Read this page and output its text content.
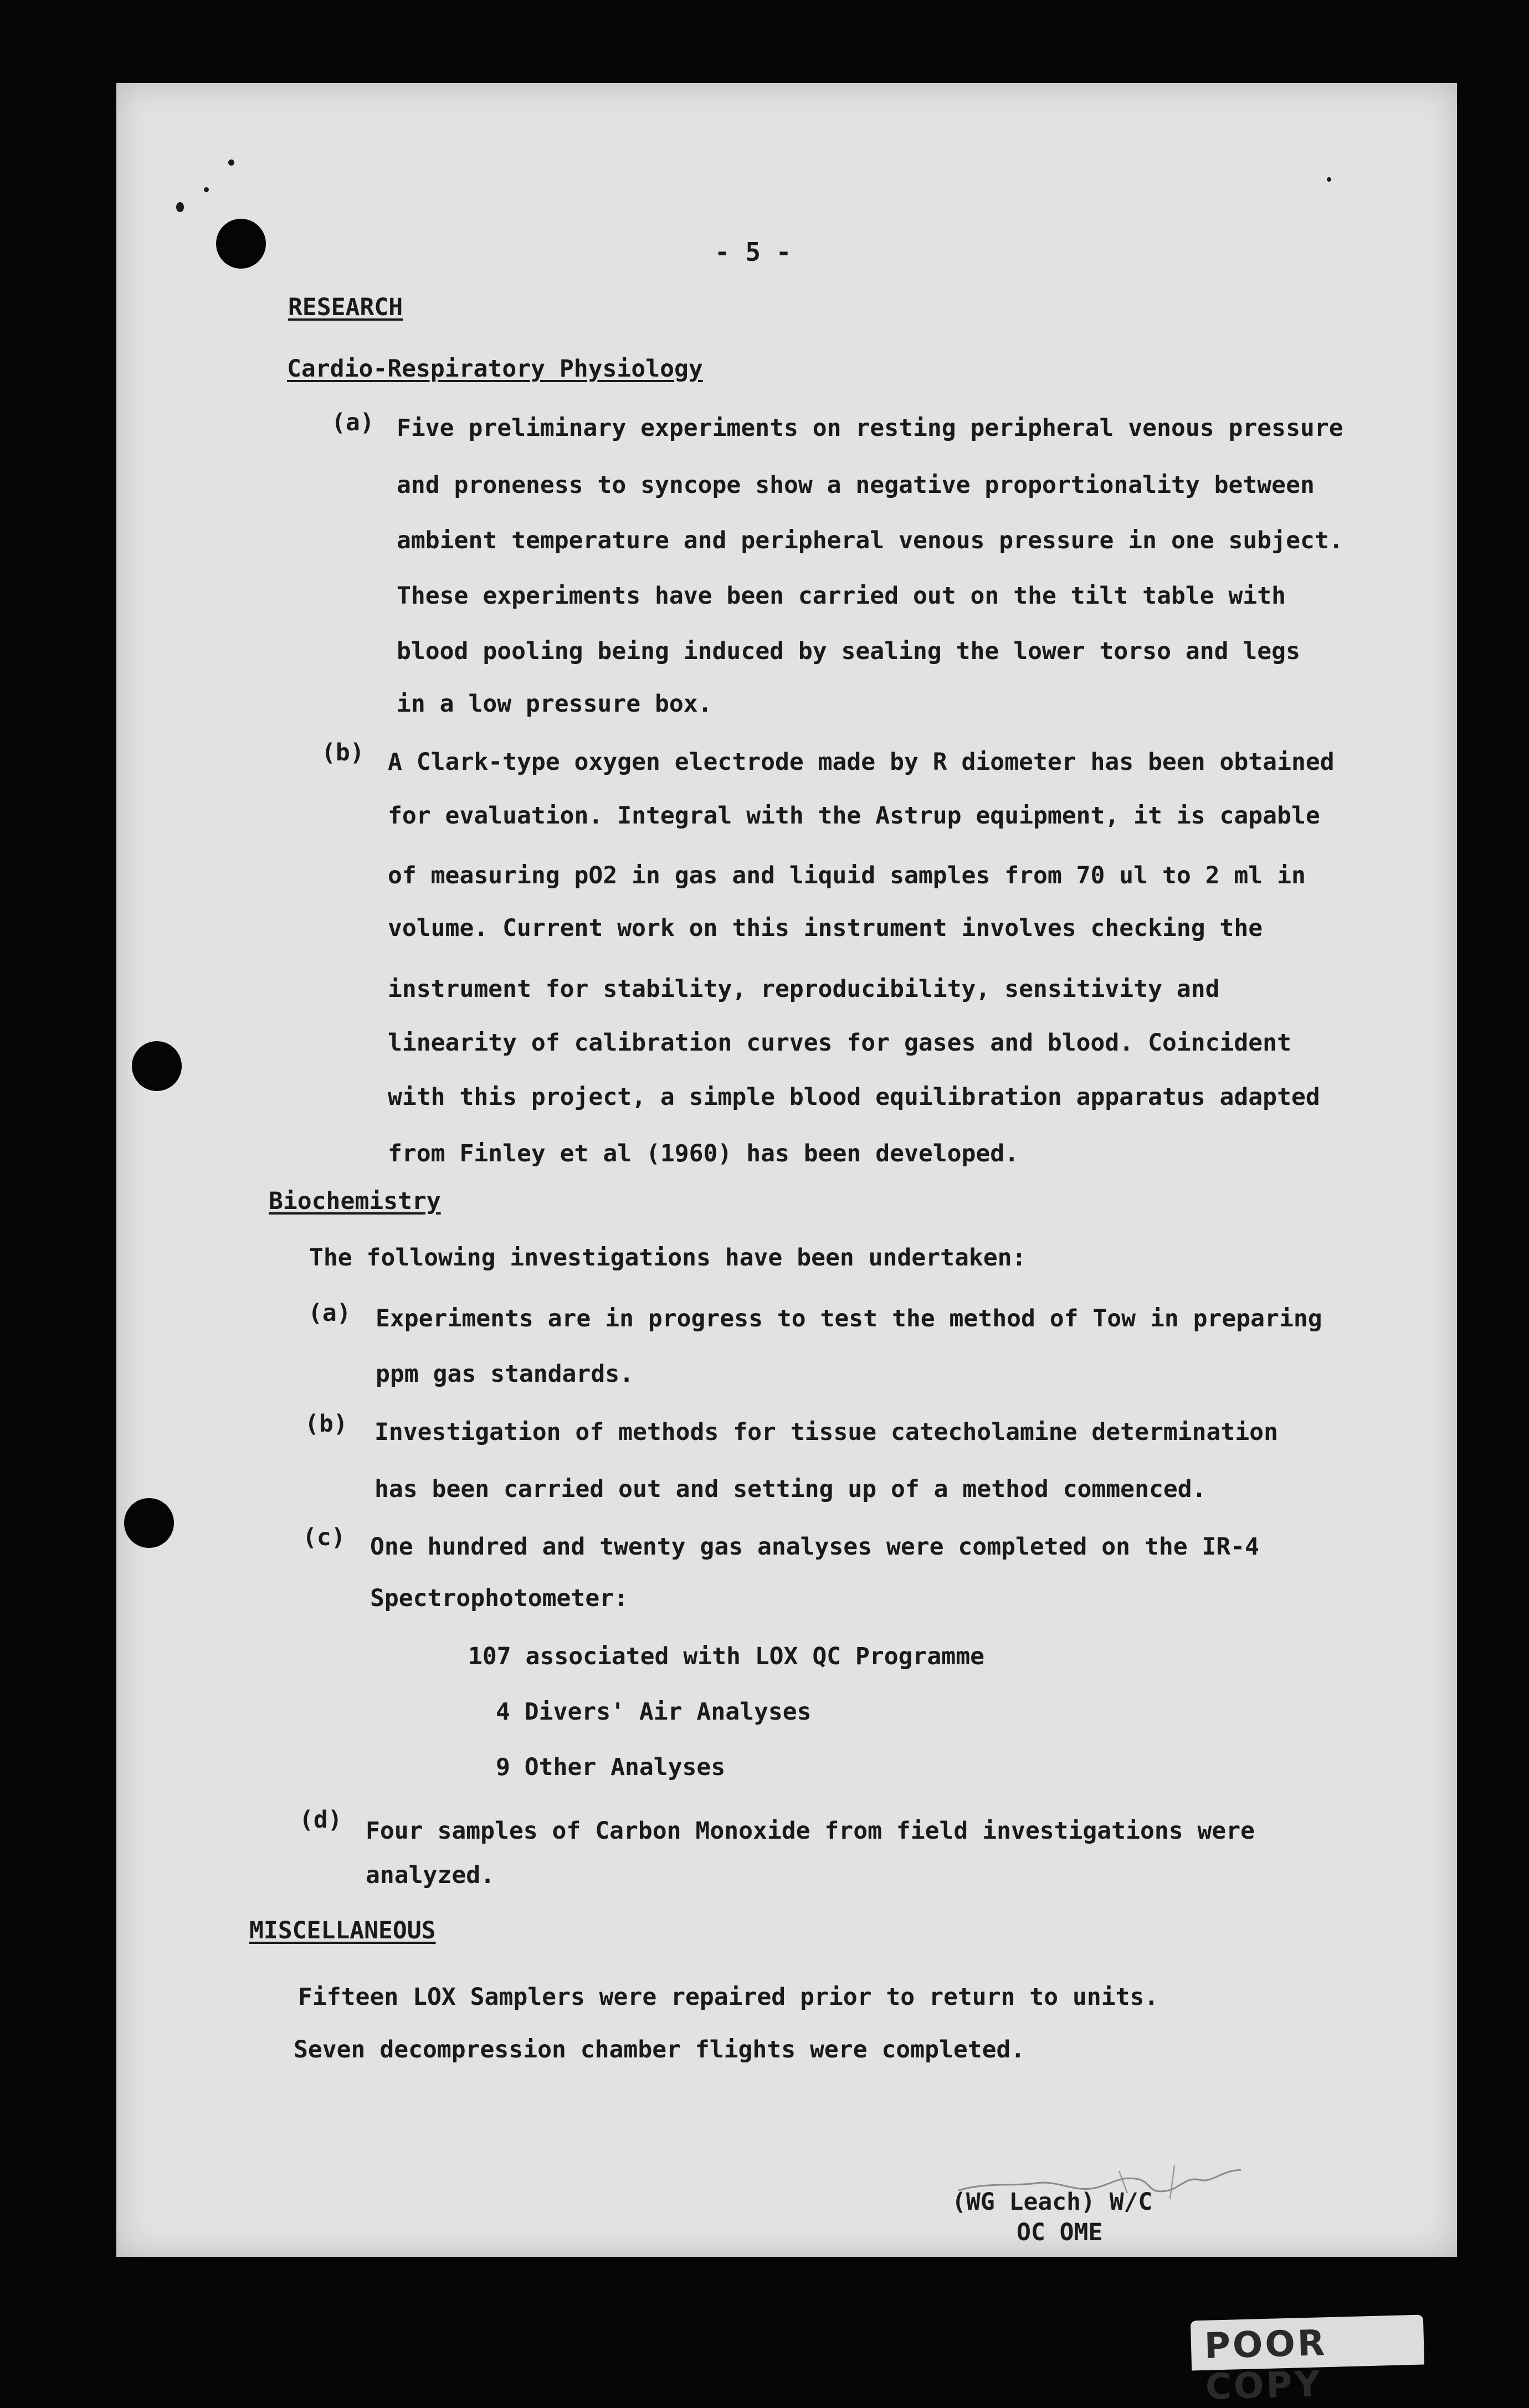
- 5 -

RESEARCH

Cardio-Respiratory Physiology

(a) Five preliminary experiments on resting peripheral venous pressure

and proneness to syncope show a negative proportionality between

ambient temperature and peripheral venous pressure in one subject.

These experiments have been carried out on the tilt table with

blood pooling being induced by sealing the lower torso and legs

in a low pressure box.

(b) A Clark-type oxygen electrode made by R diometer has been obtained

for evaluation. Integral with the Astrup equipment, it is capable

of measuring pO2 in gas and liquid samples from 70 ul to 2 ml in

volume. Current work on this instrument involves checking the

instrument for stability, reproducibility, sensitivity and

linearity of calibration curves for gases and blood. Coincident

with this project, a simple blood equilibration apparatus adapted

from Finley et al (1960) has been developed.

Biochemistry

The following investigations have been undertaken:

(a) Experiments are in progress to test the method of Tow in preparing

ppm gas standards.

(b) Investigation of methods for tissue catecholamine determination

has been carried out and setting up of a method commenced.

(c) One hundred and twenty gas analyses were completed on the IR-4

Spectrophotometer:

107 associated with LOX QC Programme

4 Divers' Air Analyses

9 Other Analyses

(d) Four samples of Carbon Monoxide from field investigations were

analyzed.

MISCELLANEOUS

Fifteen LOX Samplers were repaired prior to return to units.

Seven decompression chamber flights were completed.

(WG Leach) W/C

OC OME

POOR COPY
